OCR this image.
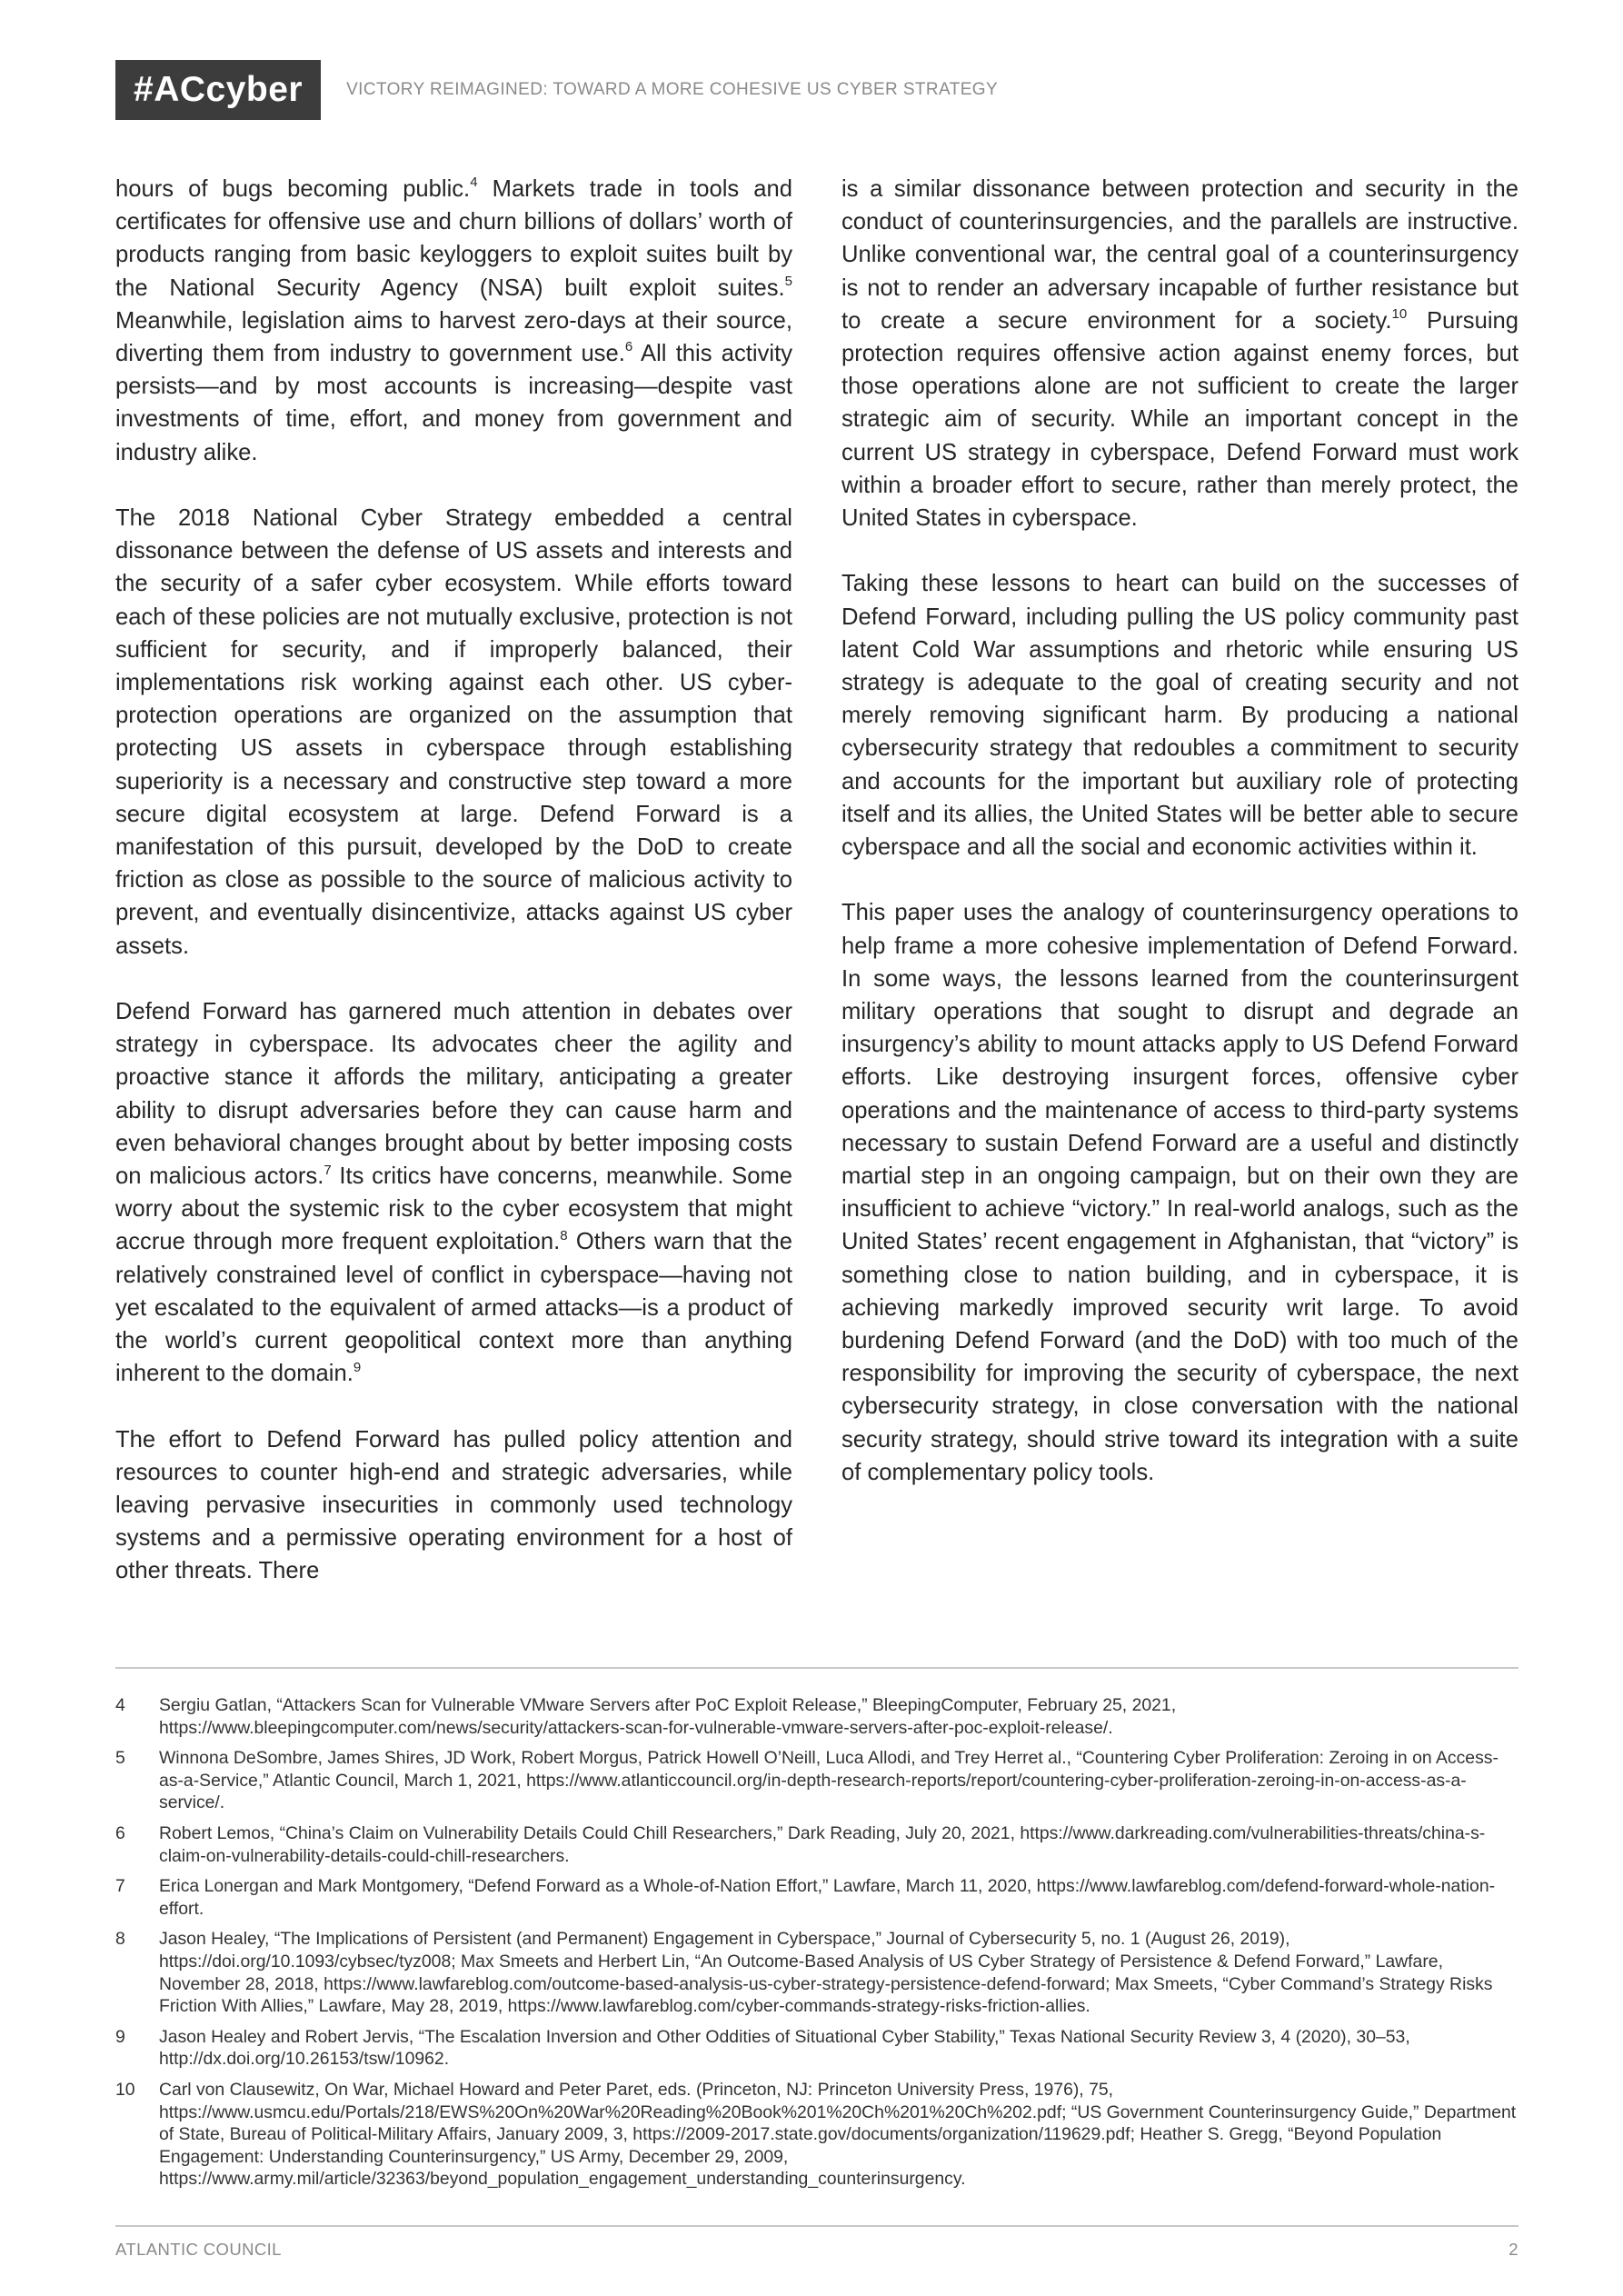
#ACcyber	VICTORY REIMAGINED: TOWARD A MORE COHESIVE US CYBER STRATEGY

hours of bugs becoming public.$^4$ Markets trade in tools and certificates for offensive use and churn billions of dollars’ worth of products ranging from basic keyloggers to exploit suites built by the National Security Agency (NSA) built exploit suites.$^5$ Meanwhile, legislation aims to harvest zero-days at their source, diverting them from industry to government use.$^6$ All this activity persists—and by most accounts is increasing—despite vast investments of time, effort, and money from government and industry alike.

The 2018 National Cyber Strategy embedded a central dissonance between the defense of US assets and interests and the security of a safer cyber ecosystem. While efforts toward each of these policies are not mutually exclusive, protection is not sufficient for security, and if improperly balanced, their implementations risk working against each other. US cyber-protection operations are organized on the assumption that protecting US assets in cyberspace through establishing superiority is a necessary and constructive step toward a more secure digital ecosystem at large. Defend Forward is a manifestation of this pursuit, developed by the DoD to create friction as close as possible to the source of malicious activity to prevent, and eventually disincentivize, attacks against US cyber assets.

Defend Forward has garnered much attention in debates over strategy in cyberspace. Its advocates cheer the agility and proactive stance it affords the military, anticipating a greater ability to disrupt adversaries before they can cause harm and even behavioral changes brought about by better imposing costs on malicious actors.$^7$ Its critics have concerns, meanwhile. Some worry about the systemic risk to the cyber ecosystem that might accrue through more frequent exploitation.$^8$ Others warn that the relatively constrained level of conflict in cyberspace—having not yet escalated to the equivalent of armed attacks—is a product of the world’s current geopolitical context more than anything inherent to the domain.$^9$

The effort to Defend Forward has pulled policy attention and resources to counter high-end and strategic adversaries, while leaving pervasive insecurities in commonly used technology systems and a permissive operating environment for a host of other threats. There

is a similar dissonance between protection and security in the conduct of counterinsurgencies, and the parallels are instructive. Unlike conventional war, the central goal of a counterinsurgency is not to render an adversary incapable of further resistance but to create a secure environment for a society.$^{10}$ Pursuing protection requires offensive action against enemy forces, but those operations alone are not sufficient to create the larger strategic aim of security. While an important concept in the current US strategy in cyberspace, Defend Forward must work within a broader effort to secure, rather than merely protect, the United States in cyberspace.

Taking these lessons to heart can build on the successes of Defend Forward, including pulling the US policy community past latent Cold War assumptions and rhetoric while ensuring US strategy is adequate to the goal of creating security and not merely removing significant harm. By producing a national cybersecurity strategy that redoubles a commitment to security and accounts for the important but auxiliary role of protecting itself and its allies, the United States will be better able to secure cyberspace and all the social and economic activities within it.

This paper uses the analogy of counterinsurgency operations to help frame a more cohesive implementation of Defend Forward. In some ways, the lessons learned from the counterinsurgent military operations that sought to disrupt and degrade an insurgency’s ability to mount attacks apply to US Defend Forward efforts. Like destroying insurgent forces, offensive cyber operations and the maintenance of access to third-party systems necessary to sustain Defend Forward are a useful and distinctly martial step in an ongoing campaign, but on their own they are insufficient to achieve “victory.” In real-world analogs, such as the United States’ recent engagement in Afghanistan, that “victory” is something close to nation building, and in cyberspace, it is achieving markedly improved security writ large. To avoid burdening Defend Forward (and the DoD) with too much of the responsibility for improving the security of cyberspace, the next cybersecurity strategy, in close conversation with the national security strategy, should strive toward its integration with a suite of complementary policy tools.

4	Sergiu Gatlan, “Attackers Scan for Vulnerable VMware Servers after PoC Exploit Release,” BleepingComputer, February 25, 2021, https://www.bleepingcomputer.com/news/security/attackers-scan-for-vulnerable-vmware-servers-after-poc-exploit-release/.
5	Winnona DeSombre, James Shires, JD Work, Robert Morgus, Patrick Howell O’Neill, Luca Allodi, and Trey Herret al., “Countering Cyber Proliferation: Zeroing in on Access-as-a-Service,” Atlantic Council, March 1, 2021, https://www.atlanticcouncil.org/in-depth-research-reports/report/countering-cyber-proliferation-zeroing-in-on-access-as-a-service/.
6	Robert Lemos, “China’s Claim on Vulnerability Details Could Chill Researchers,” Dark Reading, July 20, 2021, https://www.darkreading.com/vulnerabilities-threats/china-s-claim-on-vulnerability-details-could-chill-researchers.
7	Erica Lonergan and Mark Montgomery, “Defend Forward as a Whole-of-Nation Effort,” Lawfare, March 11, 2020, https://www.lawfareblog.com/defend-forward-whole-nation-effort.
8	Jason Healey, “The Implications of Persistent (and Permanent) Engagement in Cyberspace,” Journal of Cybersecurity 5, no. 1 (August 26, 2019), https://doi.org/10.1093/cybsec/tyz008; Max Smeets and Herbert Lin, “An Outcome-Based Analysis of US Cyber Strategy of Persistence & Defend Forward,” Lawfare, November 28, 2018, https://www.lawfareblog.com/outcome-based-analysis-us-cyber-strategy-persistence-defend-forward; Max Smeets, “Cyber Command’s Strategy Risks Friction With Allies,” Lawfare, May 28, 2019, https://www.lawfareblog.com/cyber-commands-strategy-risks-friction-allies.
9	Jason Healey and Robert Jervis, “The Escalation Inversion and Other Oddities of Situational Cyber Stability,” Texas National Security Review 3, 4 (2020), 30–53, http://dx.doi.org/10.26153/tsw/10962.
10	Carl von Clausewitz, On War, Michael Howard and Peter Paret, eds. (Princeton, NJ: Princeton University Press, 1976), 75, https://www.usmcu.edu/Portals/218/EWS%20On%20War%20Reading%20Book%201%20Ch%201%20Ch%202.pdf; “US Government Counterinsurgency Guide,” Department of State, Bureau of Political-Military Affairs, January 2009, 3, https://2009-2017.state.gov/documents/organization/119629.pdf; Heather S. Gregg, “Beyond Population Engagement: Understanding Counterinsurgency,” US Army, December 29, 2009, https://www.army.mil/article/32363/beyond_population_engagement_understanding_counterinsurgency.
ATLANTIC COUNCIL	2
